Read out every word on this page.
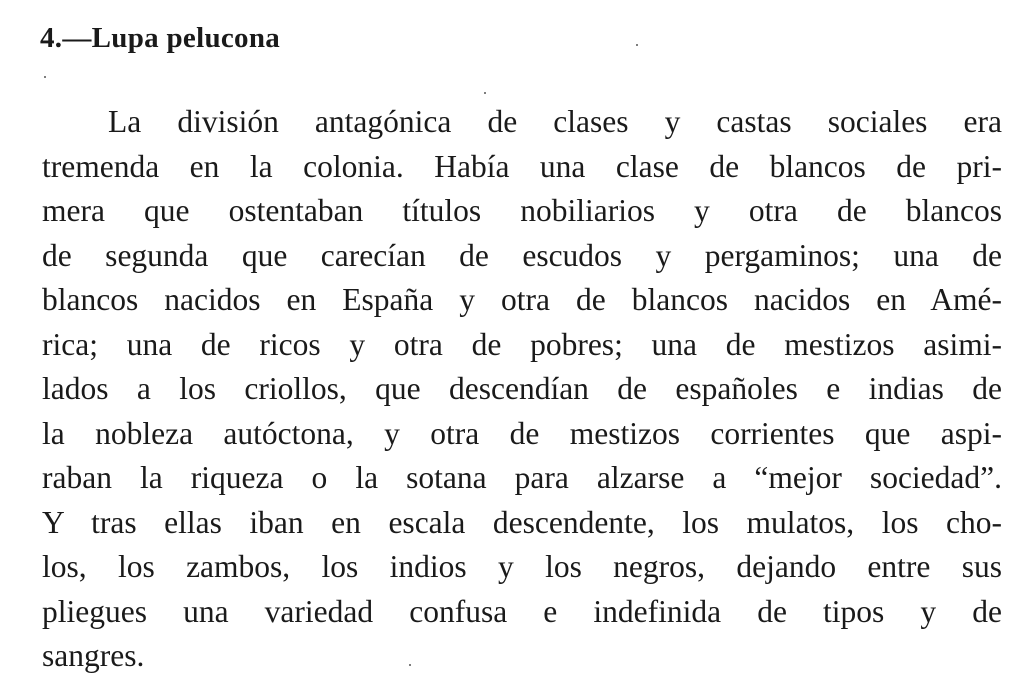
4.—Lupa pelucona
La división antagónica de clases y castas sociales era
tremenda en la colonia. Había una clase de blancos de pri-
mera que ostentaban títulos nobiliarios y otra de blancos
de segunda que carecían de escudos y pergaminos; una de
blancos nacidos en España y otra de blancos nacidos en Amé-
rica; una de ricos y otra de pobres; una de mestizos asimi-
lados a los criollos, que descendían de españoles e indias de
la nobleza autóctona, y otra de mestizos corrientes que aspi-
raban la riqueza o la sotana para alzarse a “mejor sociedad”.
Y tras ellas iban en escala descendente, los mulatos, los cho-
los, los zambos, los indios y los negros, dejando entre sus
pliegues una variedad confusa e indefinida de tipos y de
sangres.
